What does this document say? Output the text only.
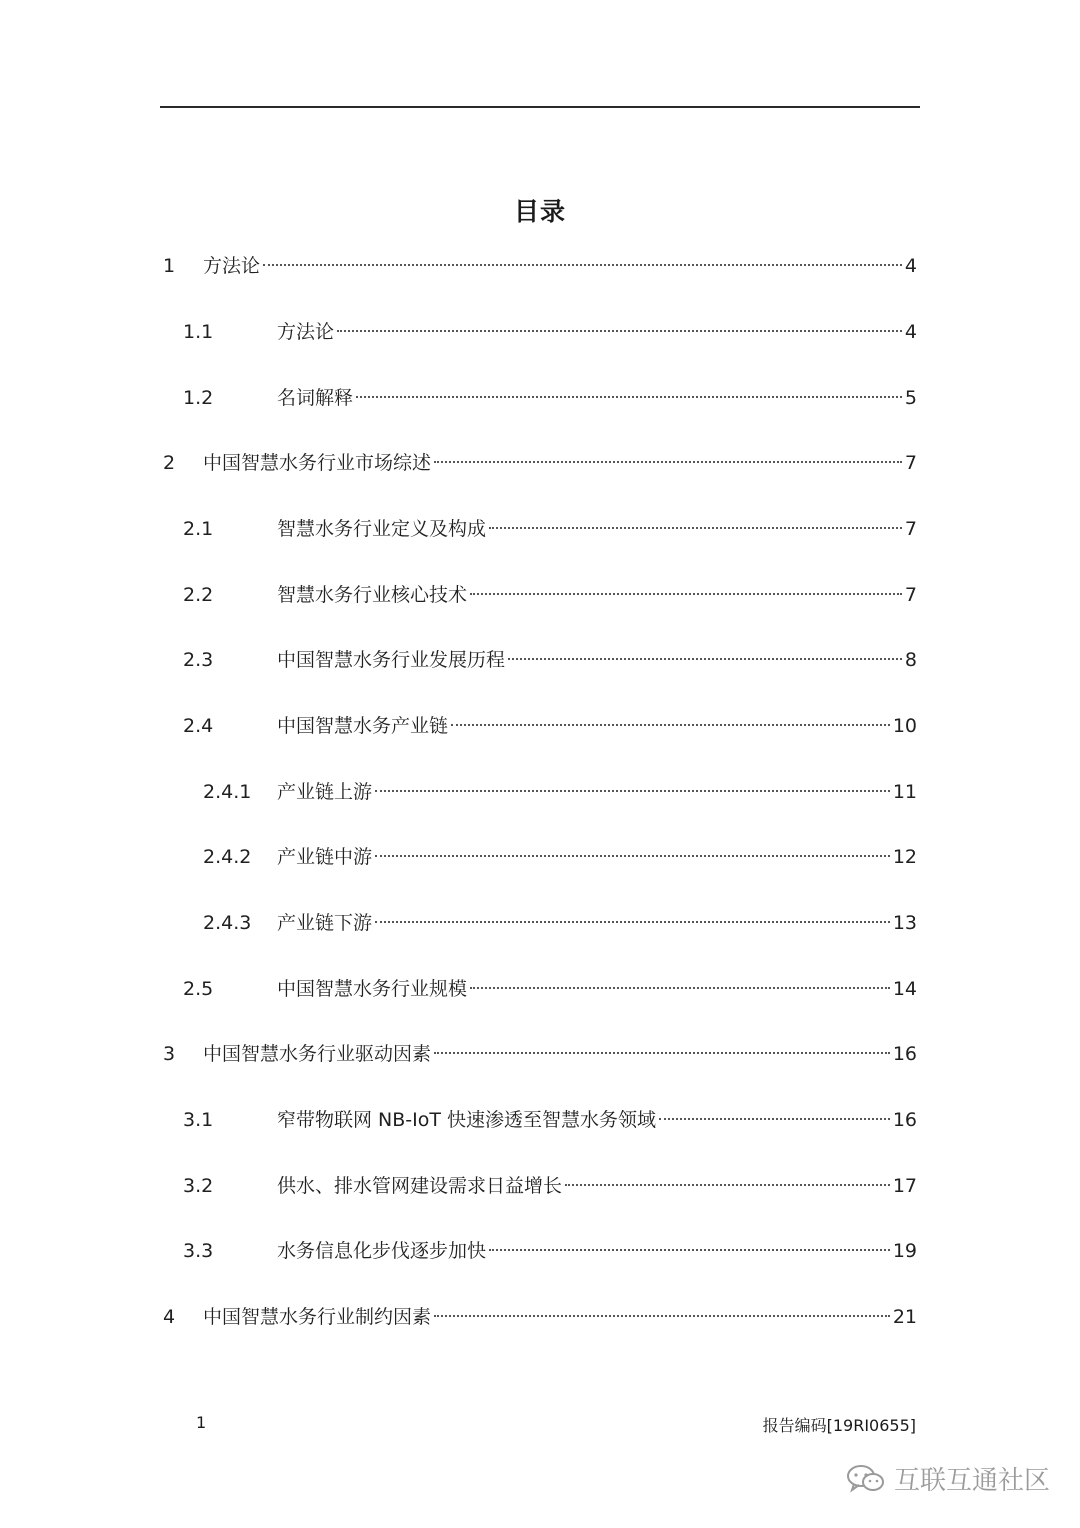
目录
1 方法论	4
1.1	方法论	4
1.2	名词解释	5
2 中国智慧水务行业市场综述	7
2.1	智慧水务行业定义及构成	7
2.2	智慧水务行业核心技术	7
2.3	中国智慧水务行业发展历程	8
2.4	中国智慧水务产业链	10
2.4.1 产业链上游	11
2.4.2 产业链中游	12
2.4.3 产业链下游	13
2.5	中国智慧水务行业规模	14
3 中国智慧水务行业驱动因素	16
3.1	窄带物联网 NB-IoT 快速渗透至智慧水务领域	16
3.2	供水、排水管网建设需求日益增长	17
3.3	水务信息化步伐逐步加快	19
4 中国智慧水务行业制约因素	21
1	报告编码[19RI0655]
互联互通社区
